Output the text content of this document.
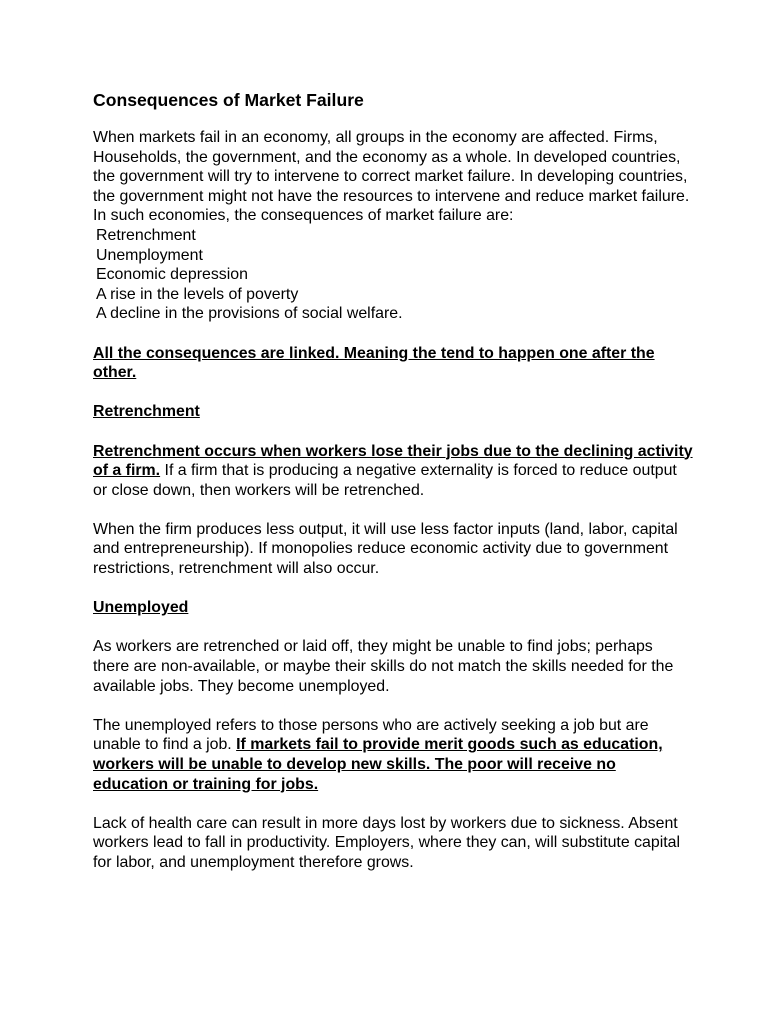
Consequences of Market Failure

When markets fail in an economy, all groups in the economy are affected. Firms, Households, the government, and the economy as a whole. In developed countries, the government will try to intervene to correct market failure. In developing countries, the government might not have the resources to intervene and reduce market failure. In such economies, the consequences of market failure are:

Retrenchment
Unemployment
Economic depression
A rise in the levels of poverty
A decline in the provisions of social welfare.

All the consequences are linked. Meaning the tend to happen one after the other.

Retrenchment

Retrenchment occurs when workers lose their jobs due to the declining activity of a firm. If a firm that is producing a negative externality is forced to reduce output or close down, then workers will be retrenched.

When the firm produces less output, it will use less factor inputs (land, labor, capital and entrepreneurship). If monopolies reduce economic activity due to government restrictions, retrenchment will also occur.

Unemployed

As workers are retrenched or laid off, they might be unable to find jobs; perhaps there are non-available, or maybe their skills do not match the skills needed for the available jobs. They become unemployed.

The unemployed refers to those persons who are actively seeking a job but are unable to find a job. If markets fail to provide merit goods such as education, workers will be unable to develop new skills. The poor will receive no education or training for jobs.

Lack of health care can result in more days lost by workers due to sickness. Absent workers lead to fall in productivity. Employers, where they can, will substitute capital for labor, and unemployment therefore grows.
